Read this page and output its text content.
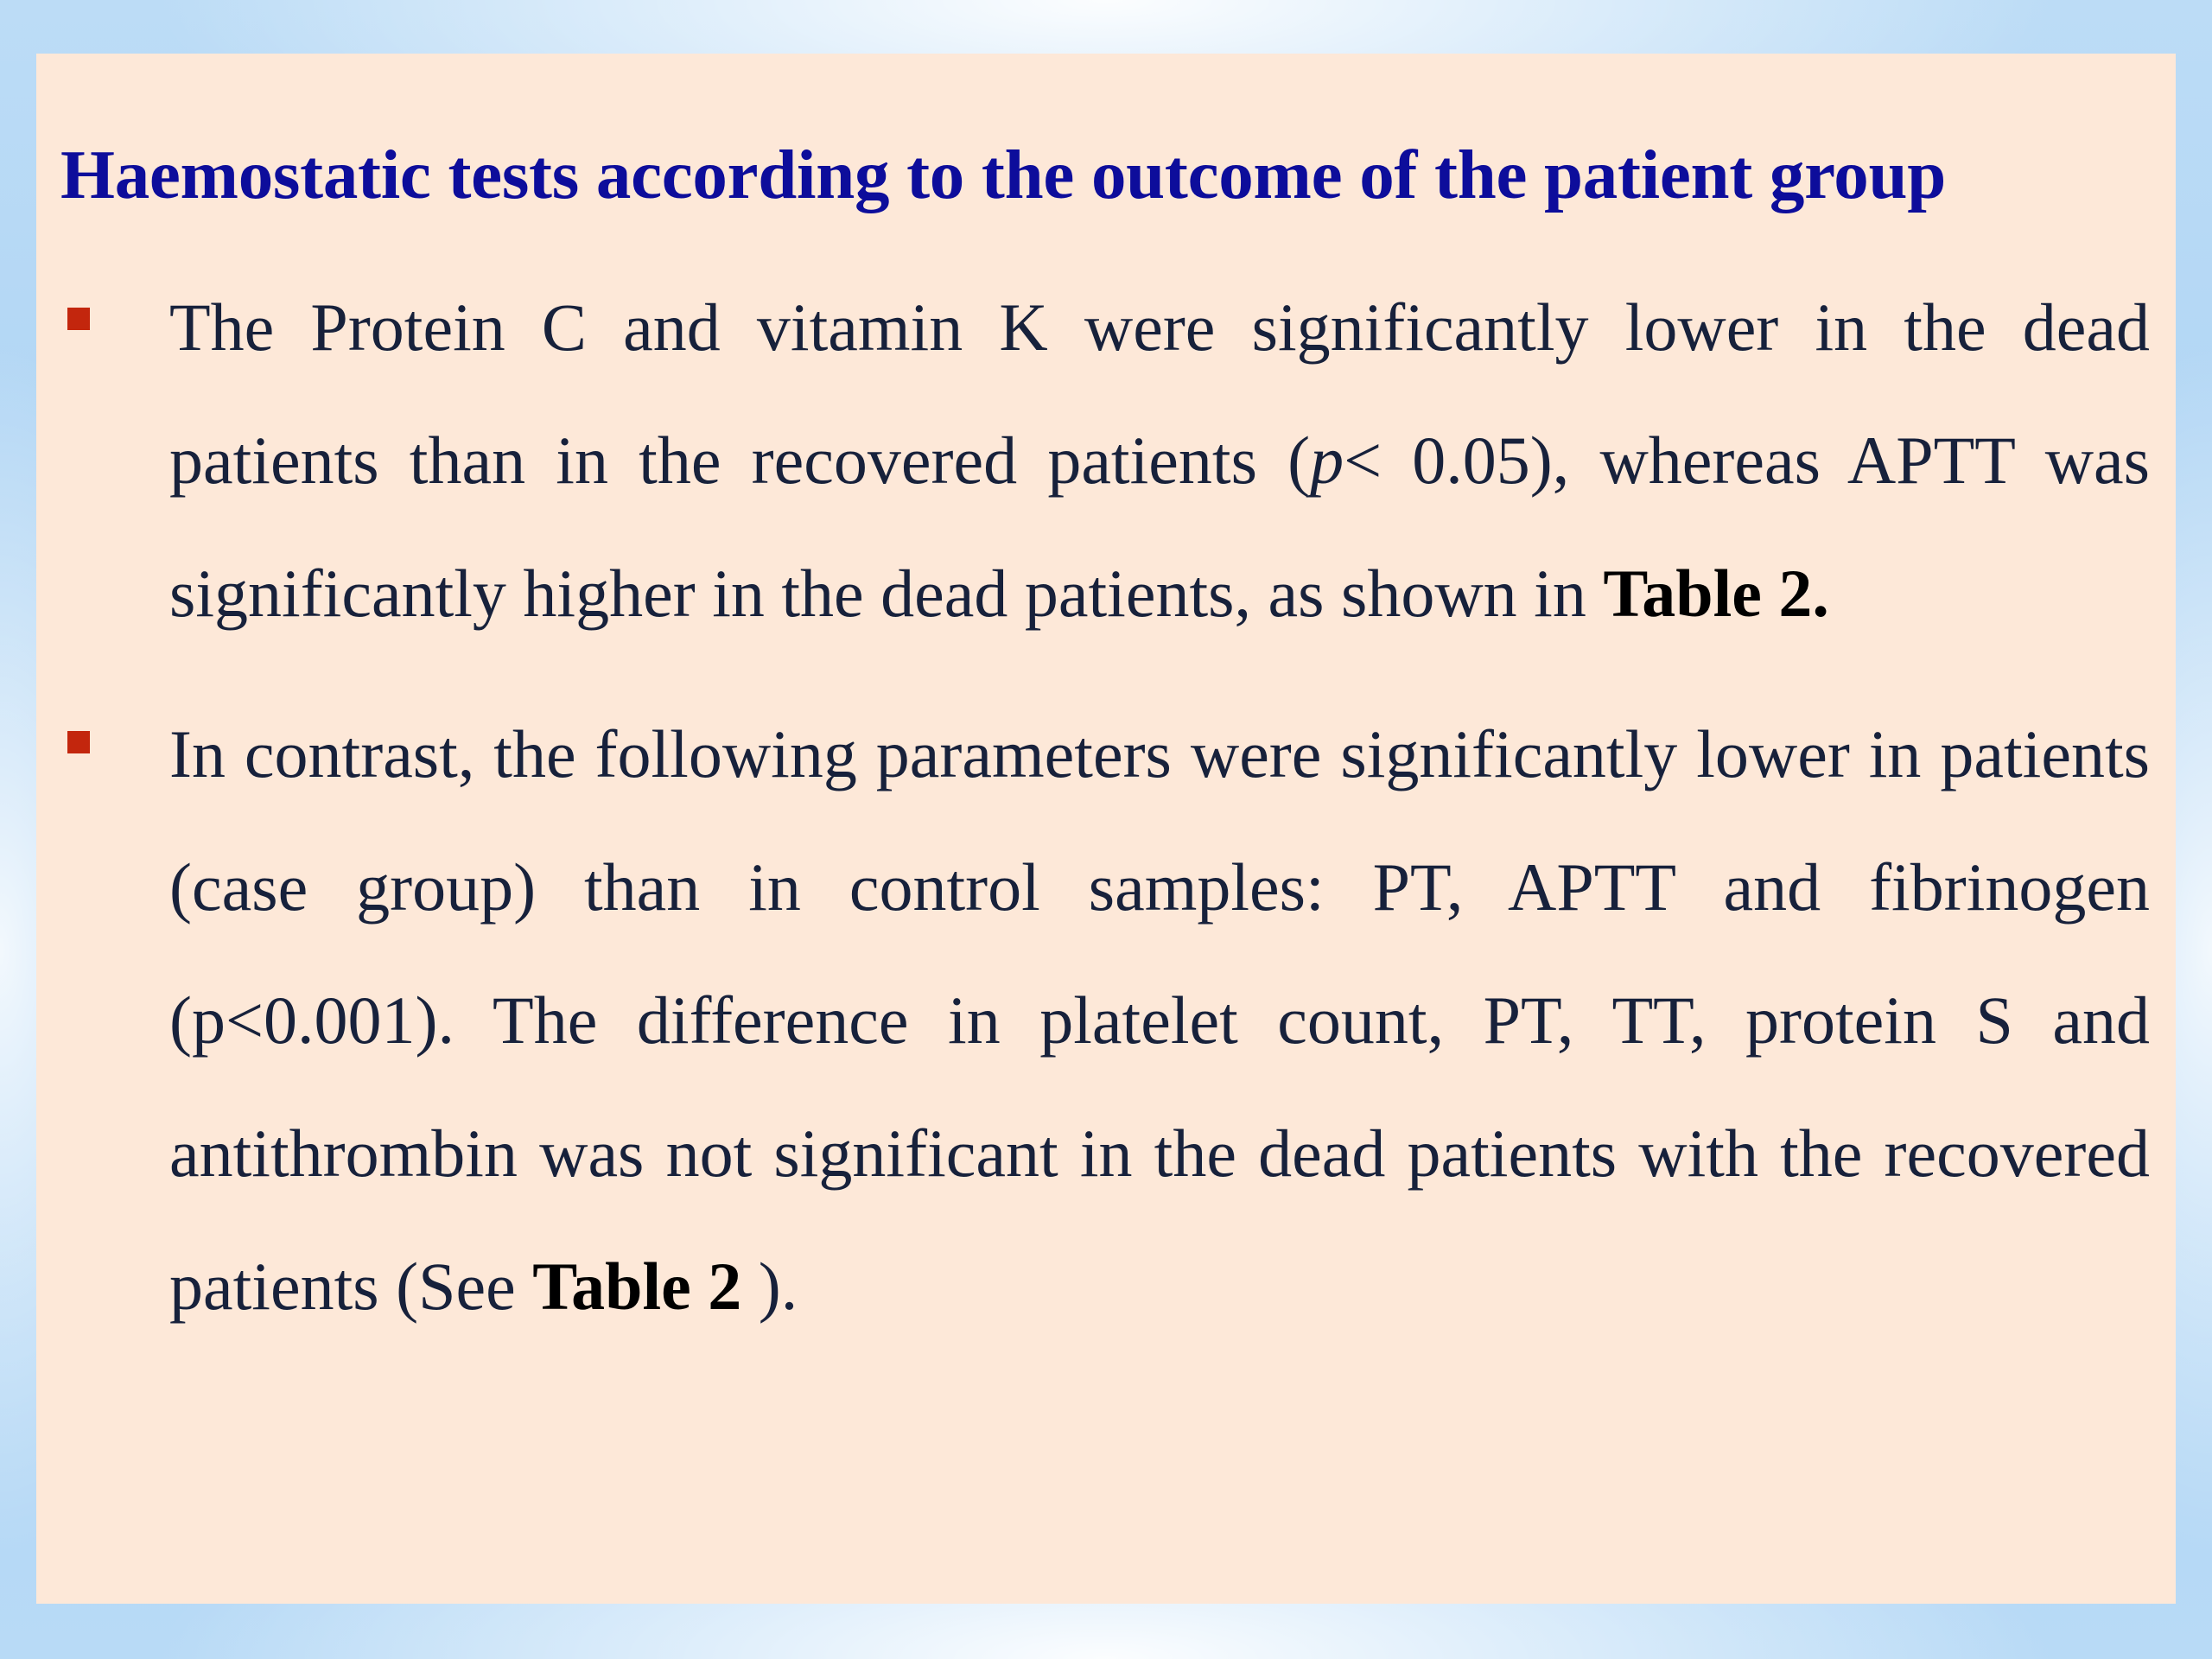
Haemostatic tests according to the outcome of the patient group

The Protein C and vitamin K were significantly lower in the dead patients than in the recovered patients (p< 0.05), whereas APTT was significantly higher in the dead patients, as shown in Table 2.

In contrast, the following parameters were significantly lower in patients (case group) than in control samples: PT, APTT and fibrinogen (p<0.001). The difference in platelet count, PT, TT, protein S and antithrombin was not significant in the dead patients with the recovered patients (See Table 2 ).
